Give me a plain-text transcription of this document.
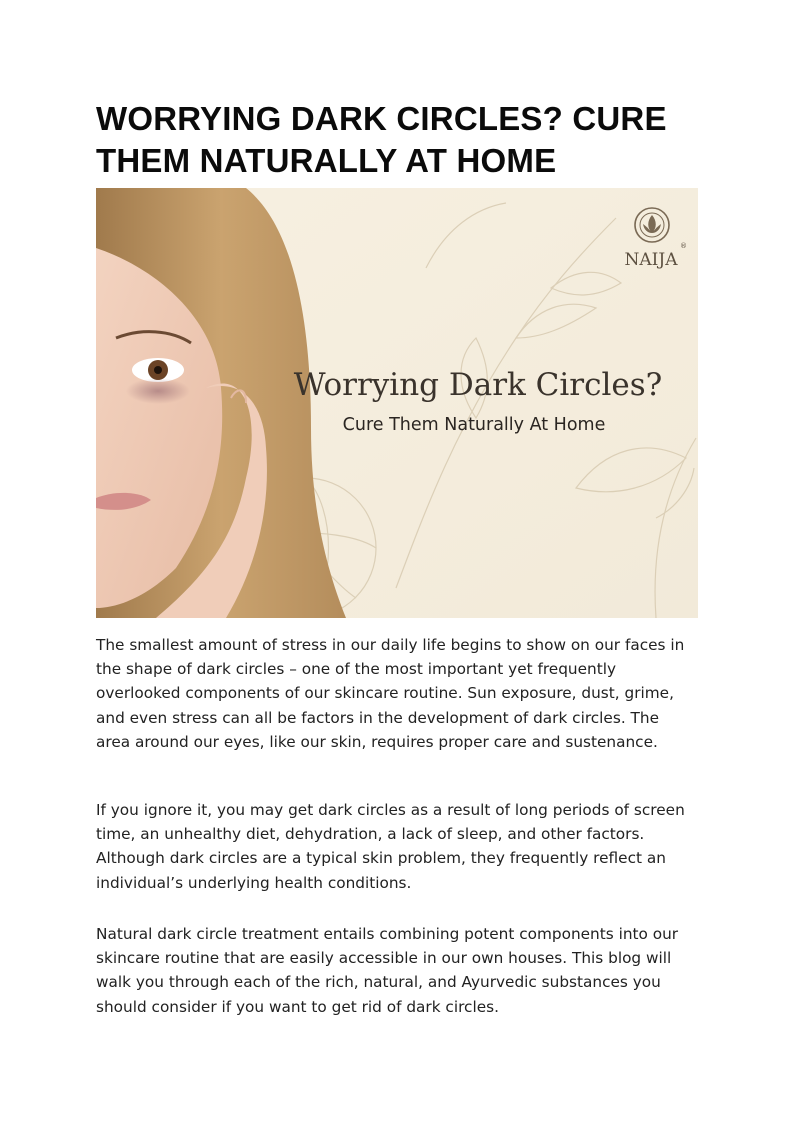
WORRYING DARK CIRCLES? CURE THEM NATURALLY AT HOME
Worrying Dark Circles?
Cure Them Naturally At Home
NAIJA
®

The smallest amount of stress in our daily life begins to show on our faces in the shape of dark circles – one of the most important yet frequently overlooked components of our skincare routine. Sun exposure, dust, grime, and even stress can all be factors in the development of dark circles. The area around our eyes, like our skin, requires proper care and sustenance.

If you ignore it, you may get dark circles as a result of long periods of screen time, an unhealthy diet, dehydration, a lack of sleep, and other factors. Although dark circles are a typical skin problem, they frequently reflect an individual’s underlying health conditions.

Natural dark circle treatment entails combining potent components into our skincare routine that are easily accessible in our own houses. This blog will walk you through each of the rich, natural, and Ayurvedic substances you should consider if you want to get rid of dark circles.
